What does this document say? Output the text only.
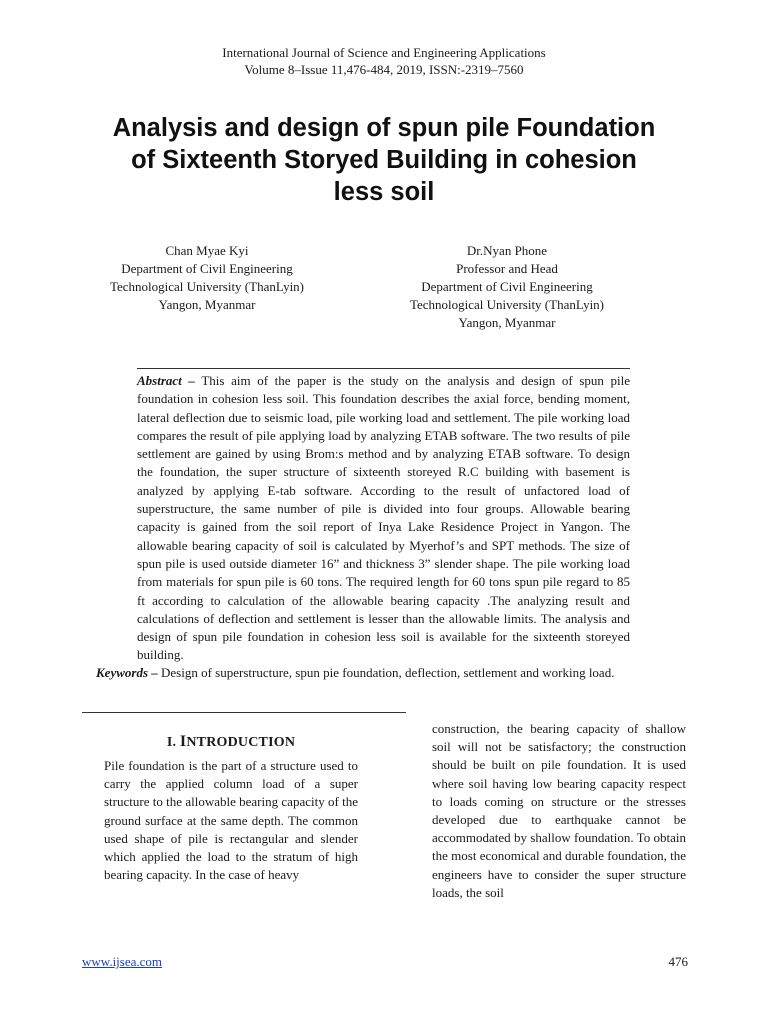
International Journal of Science and Engineering Applications
Volume 8–Issue 11,476-484, 2019, ISSN:-2319–7560
Analysis and design of spun pile Foundation
of Sixteenth Storyed Building in cohesion
less soil
Chan Myae Kyi
Department of Civil Engineering
Technological University (ThanLyin)
Yangon, Myanmar
Dr.Nyan Phone
Professor and Head
Department of Civil Engineering
Technological University (ThanLyin)
Yangon, Myanmar
Abstract – This aim of the paper is the study on the analysis and design of spun pile foundation in cohesion less soil. This foundation describes the axial force, bending moment, lateral deflection due to seismic load, pile working load and settlement. The pile working load compares the result of pile applying load by analyzing ETAB software. The two results of pile settlement are gained by using Brom:s method and by analyzing ETAB software. To design the foundation, the super structure of sixteenth storeyed R.C building with basement is analyzed by applying E-tab software. According to the result of unfactored load of superstructure, the same number of pile is divided into four groups. Allowable bearing capacity is gained from the soil report of Inya Lake Residence Project in Yangon. The allowable bearing capacity of soil is calculated by Myerhof’s and SPT methods. The size of spun pile is used outside diameter 16” and thickness 3” slender shape. The pile working load from materials for spun pile is 60 tons. The required length for 60 tons spun pile regard to 85 ft according to calculation of the allowable bearing capacity .The analyzing result and calculations of deflection and settlement is lesser than the allowable limits. The analysis and design of spun pile foundation in cohesion less soil is available for the sixteenth storeyed building.
Keywords – Design of superstructure, spun pie foundation, deflection, settlement and working load.
I. INTRODUCTION
Pile foundation is the part of a structure used to carry the applied column load of a super structure to the allowable bearing capacity of the ground surface at the same depth. The common used shape of pile is rectangular and slender which applied the load to the stratum of high bearing capacity. In the case of heavy
construction, the bearing capacity of shallow soil will not be satisfactory; the construction should be built on pile foundation. It is used where soil having low bearing capacity respect to loads coming on structure or the stresses developed due to earthquake cannot be accommodated by shallow foundation. To obtain the most economical and durable foundation, the engineers have to consider the super structure loads, the soil
www.ijsea.com	476
